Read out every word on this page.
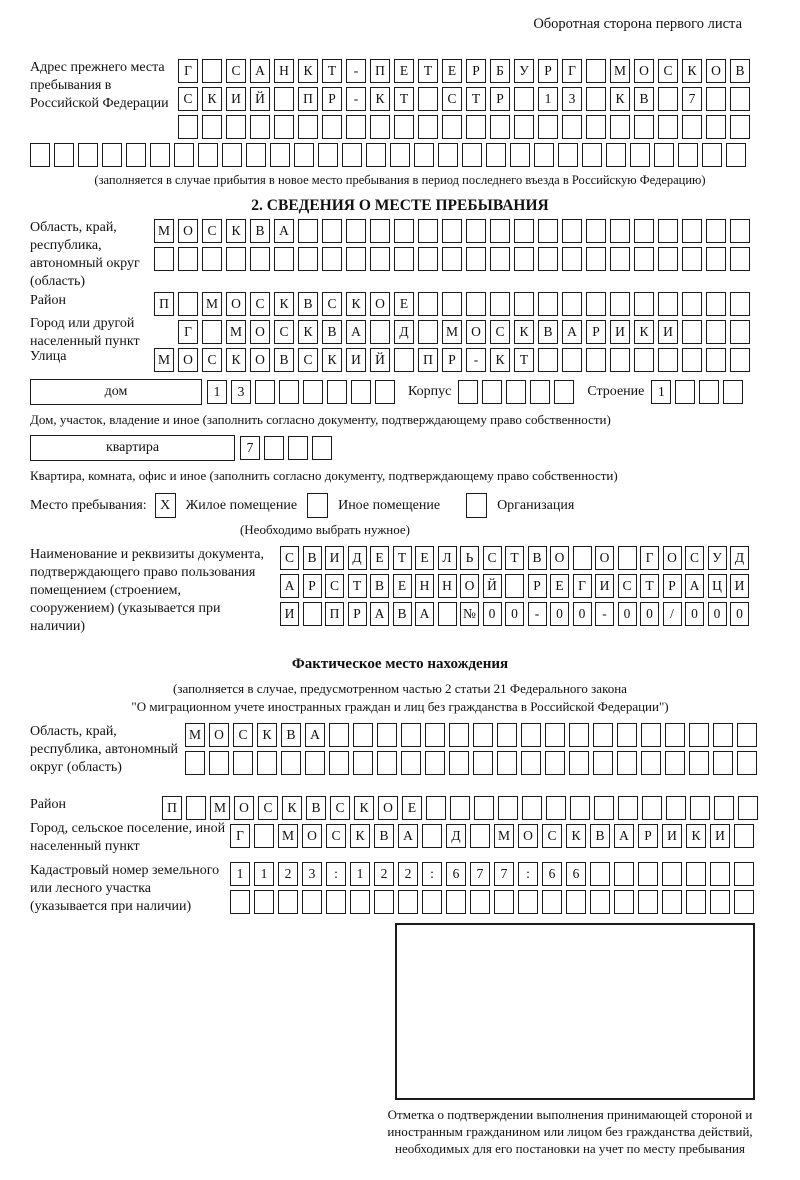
Оборотная сторона первого листа
Адрес прежнего места пребывания в Российской Федерации
Г	С	А	Н	К	Т	-	П	Е	Т	Е	Р	Б	У	Р	Г	М О	С	К	О	В
С	К	И	Й	П	Р	-	К	Т	С	Т	Р	1	3	К	В	7
(заполняется в случае прибытия в новое место пребывания в период последнего въезда в Российскую Федерацию)
2. СВЕДЕНИЯ О МЕСТЕ ПРЕБЫВАНИЯ
Область, край, республика, автономный округ (область)
М О	С	К	В	А
Район	П	М О	С	К	В	С	К	О	Е
Город или другой населенный пункт
Г	М О	С	К	В	А	Д	М О	С	К	В	А	Р	И	К	И
Улица	М О	С	К	О	В	С	К	И	Й	П	Р	-	К	Т
дом	1	3	Корпус	Строение	1
Дом, участок, владение и иное (заполнить согласно документу, подтверждающему право собственности)
квартира	7
Квартира, комната, офис и иное (заполнить согласно документу, подтверждающему право собственности)
Место пребывания: X	Жилое помещение	Иное помещение	Организация
(Необходимо выбрать нужное)
Наименование и реквизиты документа, подтверждающего право пользования помещением (строением, сооружением) (указывается при наличии)
С В И Д	Е	Т	Е	Л	Ь	С	Т	В О	О	Г	О С У Д
А	Р	С	Т	В	Е	Н Н О Й	Р	Е	Г	И С	Т	Р	А Ц И
И	П	Р	А В А	№ 0	0	-	0	0	-	0	0	/	0	0	0
Фактическое место нахождения
(заполняется в случае, предусмотренном частью 2 статьи 21 Федерального закона
"О миграционном учете иностранных граждан и лиц без гражданства в Российской Федерации")
Область, край, республика, автономный округ (область)
М О	С	К	В	А
Район	П	М О	С	К	В	С	К	О	Е
Город, сельское поселение, иной населенный пункт
Г	М О	С	К	В	А	Д	М О	С	К	В	А	Р	И	К	И
Кадастровый номер земельного или лесного участка (указывается при наличии)
1	1	2	3	:	1	2	2	:	6	7	7	:	6	6
Отметка о подтверждении выполнения принимающей стороной и иностранным гражданином или лицом без гражданства действий, необходимых для его постановки на учет по месту пребывания
